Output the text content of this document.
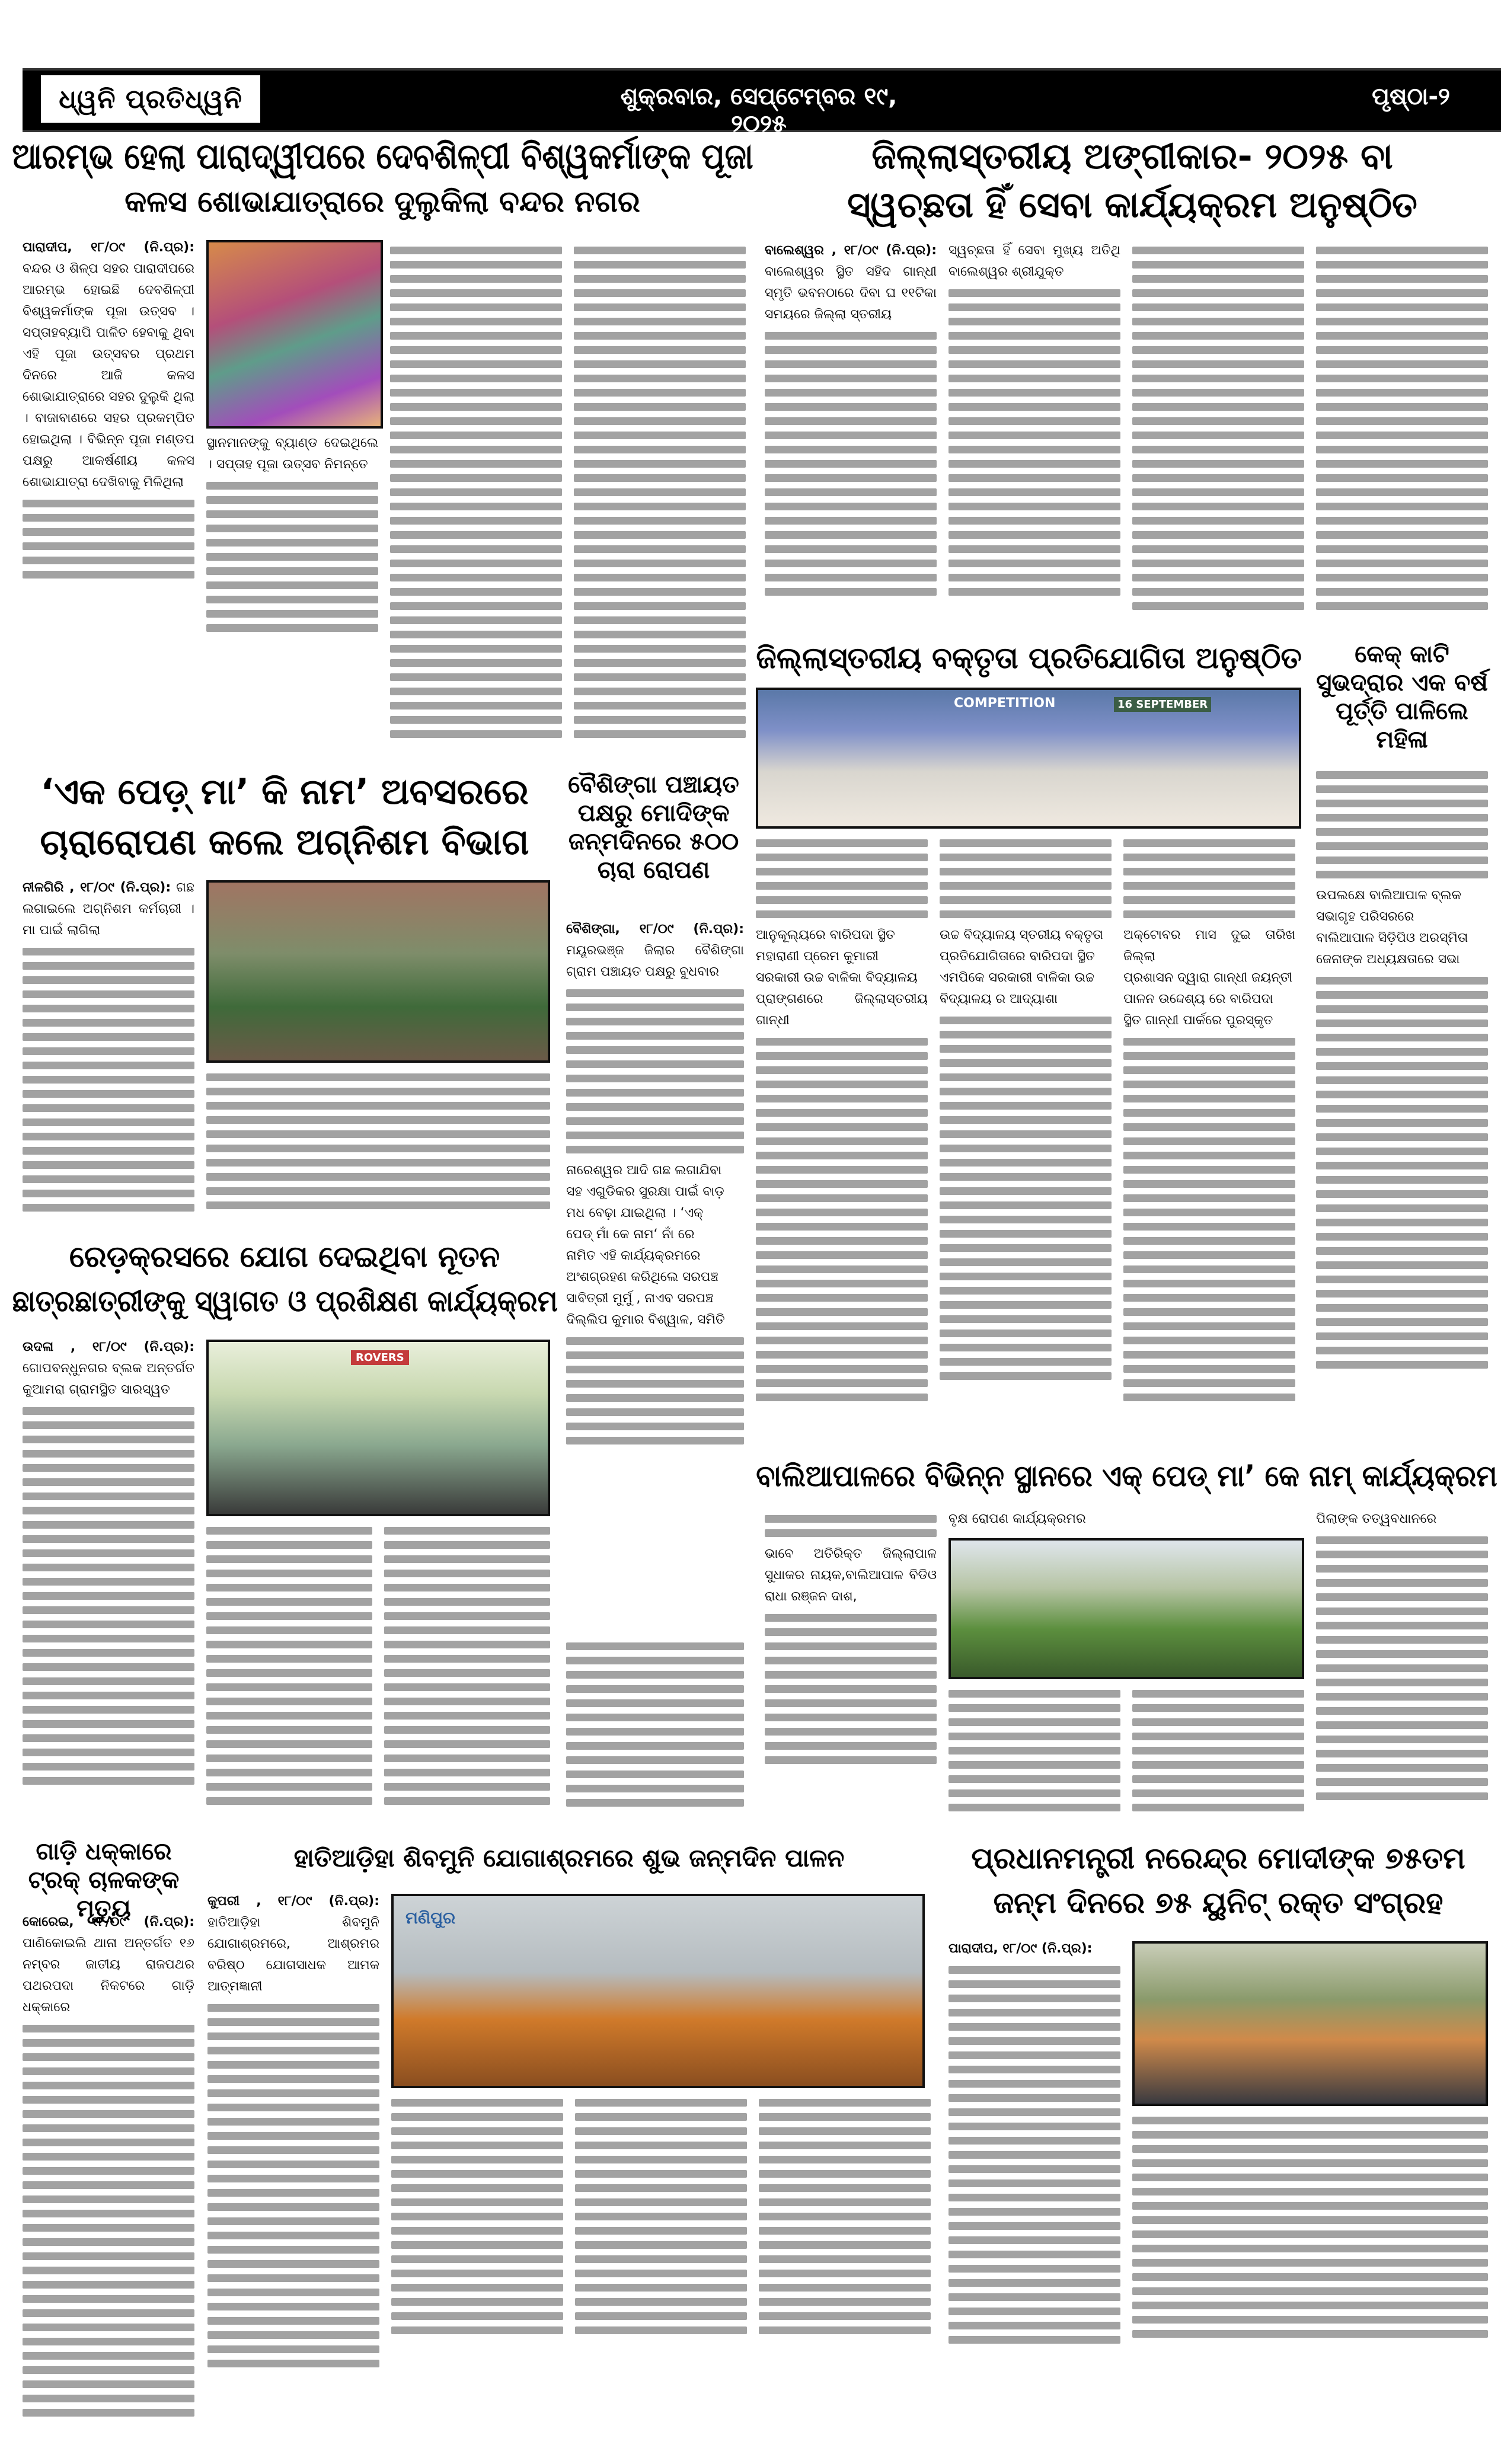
ଧ୍ୱନି ପ୍ରତିଧ୍ୱନି	ଶୁକ୍ରବାର, ସେପ୍ଟେମ୍ବର ୧୯, ୨୦୨୫
ପୃଷ୍ଠା-୨
ଆରମ୍ଭ ହେଲା ପାରାଦ୍ୱୀପରେ ଦେବଶିଳ୍ପୀ ବିଶ୍ୱକର୍ମାଙ୍କ ପୂଜା
କଳସ ଶୋଭାଯାତ୍ରାରେ ଦୁଲୁକିଲା ବନ୍ଦର ନଗର
ପାରାଦୀପ, ୧୮/୦୯ (ନି.ପ୍ର): ବନ୍ଦର ଓ ଶିଳ୍ପ ସହର ପାରାଦୀପରେ ଆରମ୍ଭ ହୋଇଛି ଦେବଶିଳ୍ପୀ ବିଶ୍ୱକର୍ମାଙ୍କ ପୂଜା ଉତ୍ସବ । ସପ୍ତାହବ୍ୟାପି ପାଳିତ ହେବାକୁ ଥିବା ଏହି ପୂଜା ଉତ୍ସବର ପ୍ରଥମ ଦିନରେ ଆଜି କଳସ ଶୋଭାଯାତ୍ରାରେ ସହର ଦୁଲୁକି ଥିଲା । ବାଜାବାଣରେ ସହର ପ୍ରକମ୍ପିତ ହୋଇଥିଲା । ବିଭିନ୍ନ ପୂଜା ମଣ୍ଡପ ପକ୍ଷରୁ ଆକର୍ଷଣୀୟ କଳସ ଶୋଭାଯାତ୍ରା ଦେଖିବାକୁ ମିଳିଥିଲା
ସ୍ଥାନମାନଙ୍କୁ ବ୍ୟାଣ୍ଡ ଦେଇଥିଲେ । ସପ୍ତାହ ପୂଜା ଉତ୍ସବ ନିମନ୍ତେ
ଜିଲ୍ଲାସ୍ତରୀୟ ଅଙ୍ଗୀକାର- ୨୦୨୫ ବା
ସ୍ୱଚ୍ଛତା ହିଁ ସେବା କାର୍ଯ୍ୟକ୍ରମ ଅନୁଷ୍ଠିତ
ବାଲେଶ୍ୱର , ୧୮/୦୯ (ନି.ପ୍ର): ବାଲେଶ୍ୱର ସ୍ଥିତ ସହିଦ ଗାନ୍ଧୀ ସ୍ମୃତି ଭବନଠାରେ ଦିବା ଘ ୧୧ଟିକା ସମୟରେ ଜିଲ୍ଲା ସ୍ତରୀୟ
ସ୍ୱଚ୍ଛତା ହିଁ ସେବା ମୁଖ୍ୟ ଅତିଥି ବାଲେଶ୍ୱର ଶ୍ରୀଯୁକ୍ତ
ଜିଲ୍ଲାସ୍ତରୀୟ ବକ୍ତୃତା ପ୍ରତିଯୋଗିତା ଅନୁଷ୍ଠିତ
COMPETITION	16 SEPTEMBER
ଆନୁକୂଲ୍ୟରେ ବାରିପଦା ସ୍ଥିତ
ମହାରାଣୀ ପ୍ରେମ କୁମାରୀ
ସରକାରୀ ଉଚ୍ଚ ବାଳିକା ବିଦ୍ୟାଳୟ
ପ୍ରାଙ୍ଗଣରେ ଜିଲ୍ଲାସ୍ତରୀୟ ଗାନ୍ଧୀ
ଉଚ୍ଚ ବିଦ୍ୟାଳୟ ସ୍ତରୀୟ ବକ୍ତୃତା
ପ୍ରତିଯୋଗିତାରେ ବାରିପଦା ସ୍ଥିତ
ଏମପିକେ ସରକାରୀ ବାଳିକା ଉଚ୍ଚ
ବିଦ୍ୟାଳୟ ର ଆଦ୍ୟାଶା
ଅକ୍ଟୋବର ମାସ ଦୁଇ ତାରିଖ ଜିଲ୍ଲା
ପ୍ରଶାସନ ଦ୍ୱାରା ଗାନ୍ଧୀ ଜୟନ୍ତୀ
ପାଳନ ଉଦ୍ଦେଶ୍ୟ ରେ ବାରିପଦା
ସ୍ଥିତ ଗାନ୍ଧୀ ପାର୍କରେ ପୁରସ୍କୃତ
କେକ୍ କାଟି ସୁଭଦ୍ରାର ଏକ ବର୍ଷ ପୂର୍ତ୍ତି ପାଳିଲେ ମହିଳା
ଉପଲକ୍ଷେ ବାଲିଆପାଳ ବ୍ଲକ
ସଭାଗୃହ ପରିସରରେ
ବାଲିଆପାଳ ସିଡ଼ିପିଓ ଅରସ୍ମିତା
ଜେନାଙ୍କ ଅଧ୍ୟକ୍ଷତାରେ ସଭା
‘ଏକ ପେଡ଼୍ ମା’ କି ନାମ’ ଅବସରରେ
ଚାରାରୋପଣ କଲେ ଅଗ୍ନିଶମ ବିଭାଗ
ନୀଳଗିରି , ୧୮/୦୯ (ନି.ପ୍ର): ଗଛ ଲଗାଇଲେ ଅଗ୍ନିଶମ କର୍ମଚାରୀ । ମା ପାଇଁ ଲାଗିଲା
ବୈଶିଙ୍ଗା ପଞ୍ଚାୟତ ପକ୍ଷରୁ ମୋଦିଙ୍କ ଜନ୍ମଦିନରେ ୫୦୦ ଚାରା ରୋପଣ
ବୈଶିଙ୍ଗା, ୧୮/୦୯ (ନି.ପ୍ର): ମୟୂରଭଞ୍ଜ ଜିଲାର ବୈଶିଙ୍ଗା ଗ୍ରାମ ପଞ୍ଚାୟତ ପକ୍ଷରୁ ବୁଧବାର
ନାରେଶ୍ୱର ଆଦି ଗଛ ଲଗାଯିବା
ସହ ଏଗୁଡିକର ସୁରକ୍ଷା ପାଇଁ ବାଡ଼
ମଧ ବେଢ଼ା ଯାଇଥିଲା । ‘ଏକ୍
ପେଡ୍ ମାଁ କେ ନାମ‘ ନାଁ ରେ
ନାମିତ ଏହି କାର୍ଯ୍ୟକ୍ରମରେ
ଅଂଶଗ୍ରହଣ କରିଥିଲେ ସରପଞ୍ଚ
ସାବିତ୍ରୀ ମୁର୍ମୁ , ନାଏବ ସରପଞ୍ଚ
ଦିଲ୍ଲିପ କୁମାର ବିଶ୍ୱାଳ, ସମିତି
ରେଡ଼କ୍ରସରେ ଯୋଗ ଦେଇଥିବା ନୂତନ
ଛାତ୍ରଛାତ୍ରୀଙ୍କୁ ସ୍ୱାଗତ ଓ ପ୍ରଶିକ୍ଷଣ କାର୍ଯ୍ୟକ୍ରମ
ଉଦଳା , ୧୮/୦୯ (ନି.ପ୍ର): ଗୋପବନ୍ଧୁନଗର ବ୍ଲକ ଅନ୍ତର୍ଗତ କୁଆମରା ଗ୍ରାମସ୍ଥିତ ସାରସ୍ୱତ
ROVERS
ବାଲିଆପାଳରେ ବିଭିନ୍ନ ସ୍ଥାନରେ ଏକ୍ ପେଡ୍ ମା’ କେ ନାମ୍ କାର୍ଯ୍ୟକ୍ରମ
ଭାବେ ଅତିରିକ୍ତ ଜିଲ୍ଲାପାଳ ସୁଧାକର ନାୟକ,ବାଲିଆପାଳ ବିଡିଓ ରାଧା ରଞ୍ଜନ ଦାଶ,
ବୃକ୍ଷ ରୋପଣ କାର୍ଯ୍ୟକ୍ରମର	ପିଲାଙ୍କ ତତ୍ୱବଧାନରେ
ଗାଡ଼ି ଧକ୍କାରେ ଟ୍ରକ୍ ଚାଳକଙ୍କ ମୃତ୍ୟୁ
କୋରେଇ, ୧୮/୦୯ (ନି.ପ୍ର): ପାଣିକୋଇଲି ଥାନା ଅନ୍ତର୍ଗତ ୧୬ ନମ୍ବର ଜାତୀୟ ରାଜପଥର ପଥରପଦା ନିକଟରେ ଗାଡ଼ି ଧକ୍କାରେ
ହାତିଆଡ଼ିହା ଶିବମୁନି ଯୋଗାଶ୍ରମରେ ଶୁଭ ଜନ୍ମଦିନ ପାଳନ
କୁପରୀ , ୧୮/୦୯ (ନି.ପ୍ର): ହାତିଆଡ଼ିହା ଶିବମୁନି ଯୋଗାଶ୍ରମରେ, ଆଶ୍ରମର ବରିଷ୍ଠ ଯୋଗସାଧକ ଆମକ ଆତ୍ମଜ୍ଞାନୀ
ମଣିପୁର
ପ୍ରଧାନମନ୍ତ୍ରୀ ନରେନ୍ଦ୍ର ମୋଦୀଙ୍କ ୭୫ତମ
ଜନ୍ମ ଦିନରେ ୭୫ ୟୁନିଟ୍ ରକ୍ତ ସଂଗ୍ରହ
ପାରାଦୀପ, ୧୮/୦୯ (ନି.ପ୍ର):
